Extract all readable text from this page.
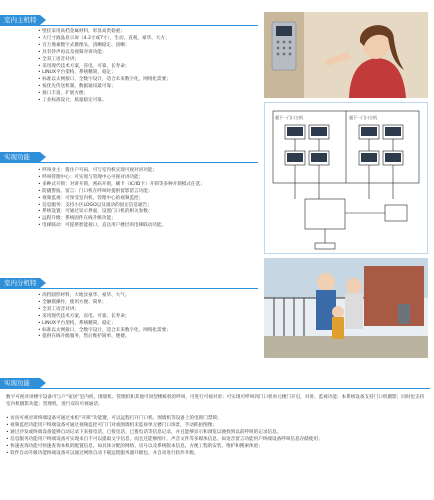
室内主机特点	• 壁挂采用高档金属材料，彰显高贵稳重；
• 大尺寸液晶显示屏（4.3寸或7寸），生动、直观、豪华、大方；
• 百万像素数字式摄像头，清晰稳定、清晰；
• 具有铃声再以及视频对讲功能；
• 全双工语音对讲；
• 采用现代技术方案，省电、可靠、长寿命；
• LINUX平台架构，系统精简，稳定；
• 标准以太网接口，全数字设计，适合未来数字化，网络化需要；
• 按优先传送机制，数据通讯最可靠；
• 接口丰富，扩展方便；
• 工业标准设计，质量稳定可靠。
超下一门口主机	超下一门口主机
实现功能
• 呼叫业主：拨住户号码，可与室内机实现可视对讲功能；
• 呼叫管理中心：可实现与管理中心可视对讲功能；
• 多种式开锁：对讲开锁，密码开锁，刷卡（IC/ID卡）开锁等多种开锁模式任选；
• 防撬警报、留言：门口机在呼叫时提供留影留言功能；
• 视频监视：可预受室内机、管理中心的视频监控；
• 信息服务：支持小区LOGO以及滚动的固定信息通告；
• 系统设置：可通过显示界面，设置门口机的相关参数；
• 远程升级：系统固件在线升级功能；
• 电梯联动：可提供智能接口，直达用户楼层的电梯联动功能。
室内分机特点	• 高档圆形材料，大地显豪华、豪华、大气；
• 全触摸操作，使用方便、简单；
• 全双工语音对讲；
• 采用现代技术方案，省电、可靠、长寿命；
• LINUX平台架构，系统精简，稳定；
• 标准以太网接口，全数字设计，适合未来数字化，网络化需要；
• 提供在线升级服务，售后维护简单、便捷。
实现功能
数字可视对讲楼宇设备可与户“家居”室内机、围墙机、管理机和其他可同型楼栋机的呼叫，可进行可视对讲；可实现可呼叫到门口机单元楼门开启，对讲、监视功能；本系统设备支持门口机摄影；同时也支持室内机摄影功能；管理机，进行双向可视通话；
• 访问可视对讲终端设备可通过本机“开锁”功能键，可以远程打开门口机、围墙机等设备上的电锁门禁锁；
• 视频监控功能用户终端设备可通过视频监控可门门对或围墙机未监视单元楼门口场景，手动抓拍图像；
• 通过沙发或终端设备能够自动记录下来接电话、已接电话、已拨电话等信息记录，并且能够显示和浏览以便找到以前呼叫的记录信息。
• 信息服务功能用户终端设备可实现来自不可以提取文字信息，而且还能够图片、声音文件等多媒体信息，如语音留言功能用户终端设备呼叫信息存储使用；
• 快速查询功能可快速查询本机的配置信息，如具体分配的网络、房号以及系统版本信息，方便工程的安装、维护和搜索体验；
• 软件自动升级功能终端设备可以通过网络自动下载远程服务器升级包，并自动进行软件升级。
